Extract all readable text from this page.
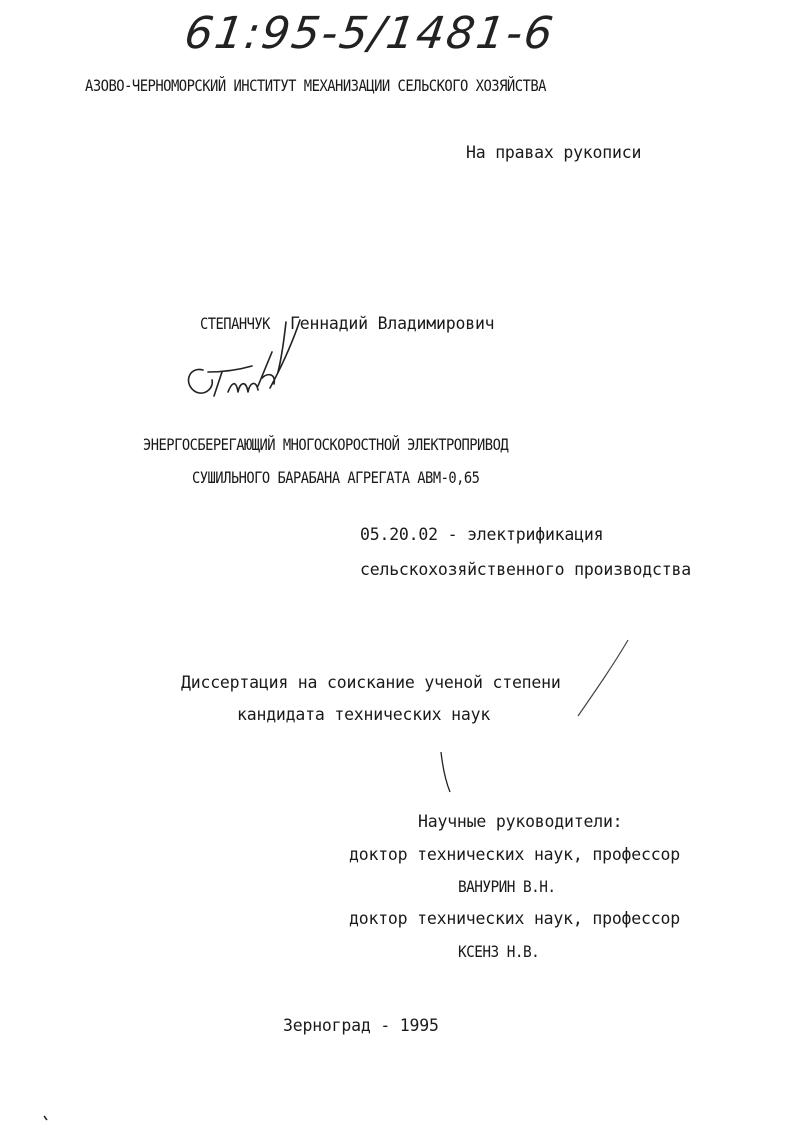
61:95-5/1481-6
АЗОВО-ЧЕРНОМОРСКИЙ ИНСТИТУТ МЕХАНИЗАЦИИ СЕЛЬСКОГО ХОЗЯЙСТВА
На правах рукописи
СТЕПАНЧУК Геннадий Владимирович
ЭНЕРГОСБЕРЕГАЮЩИЙ МНОГОСКОРОСТНОЙ ЭЛЕКТРОПРИВОД
СУШИЛЬНОГО БАРАБАНА АГРЕГАТА АВМ-0,65
05.20.02 - электрификация
сельскохозяйственного производства
Диссертация на соискание ученой степени
кандидата технических наук
Научные руководители:
доктор технических наук, профессор
ВАНУРИН В.Н.
доктор технических наук, профессор
КСЕНЗ Н.В.
Зерноград - 1995
